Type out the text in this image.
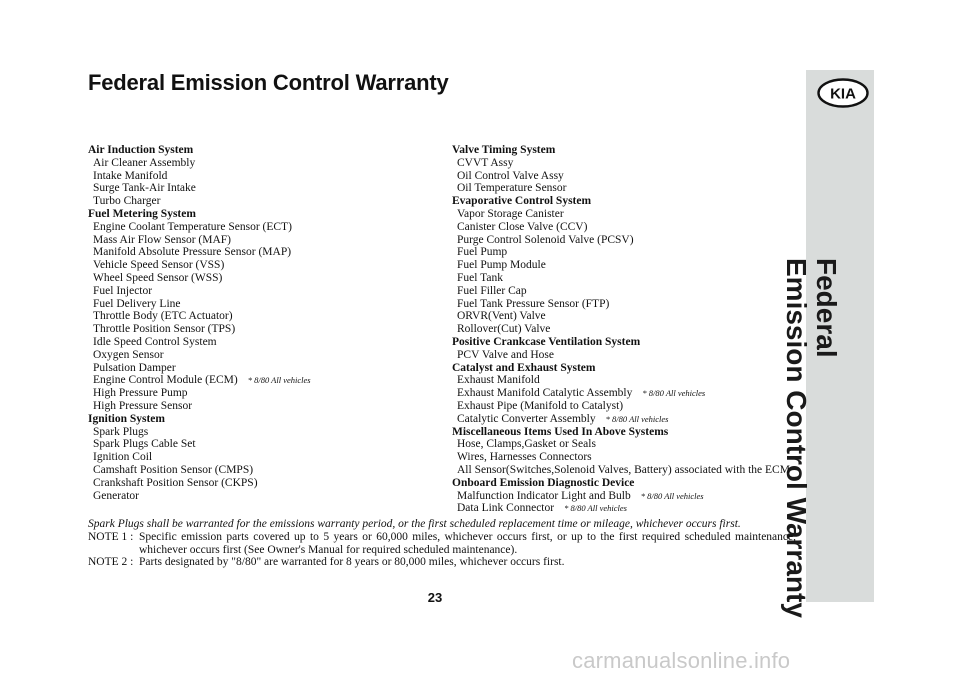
Federal Emission Control Warranty	KIA
Federal
Emission Control Warranty
Air Induction System
Air Cleaner Assembly
Intake Manifold
Surge Tank-Air Intake
Turbo Charger
Fuel Metering System
Engine Coolant Temperature Sensor (ECT)
Mass Air Flow Sensor (MAF)
Manifold Absolute Pressure Sensor (MAP)
Vehicle Speed Sensor (VSS)
Wheel Speed Sensor (WSS)
Fuel Injector
Fuel Delivery Line
Throttle Body (ETC Actuator)
Throttle Position Sensor (TPS)
Idle Speed Control System
Oxygen Sensor
Pulsation Damper
Engine Control Module (ECM) * 8/80 All vehicles
High Pressure Pump
High Pressure Sensor
Ignition System
Spark Plugs
Spark Plugs Cable Set
Ignition Coil
Camshaft Position Sensor (CMPS)
Crankshaft Position Sensor (CKPS)
Generator
Valve Timing System
CVVT Assy
Oil Control Valve Assy
Oil Temperature Sensor
Evaporative Control System
Vapor Storage Canister
Canister Close Valve (CCV)
Purge Control Solenoid Valve (PCSV)
Fuel Pump
Fuel Pump Module
Fuel Tank
Fuel Filler Cap
Fuel Tank Pressure Sensor (FTP)
ORVR(Vent) Valve
Rollover(Cut) Valve
Positive Crankcase Ventilation System
PCV Valve and Hose
Catalyst and Exhaust System
Exhaust Manifold
Exhaust Manifold Catalytic Assembly * 8/80 All vehicles
Exhaust Pipe (Manifold to Catalyst)
Catalytic Converter Assembly * 8/80 All vehicles
Miscellaneous Items Used In Above Systems
Hose, Clamps,Gasket or Seals
Wires, Harnesses Connectors
All Sensor(Switches,Solenoid Valves, Battery) associated with the ECM
Onboard Emission Diagnostic Device
Malfunction Indicator Light and Bulb * 8/80 All vehicles
Data Link Connector * 8/80 All vehicles
Spark Plugs shall be warranted for the emissions warranty period, or the first scheduled replacement time or mileage, whichever occurs first.
NOTE 1 : Specific emission parts covered up to 5 years or 60,000 miles, whichever occurs first, or up to the first required scheduled maintenance, whichever occurs first (See Owner's Manual for required scheduled maintenance).
NOTE 2 : Parts designated by "8/80" are warranted for 8 years or 80,000 miles, whichever occurs first.
23
carmanualsonline.info
